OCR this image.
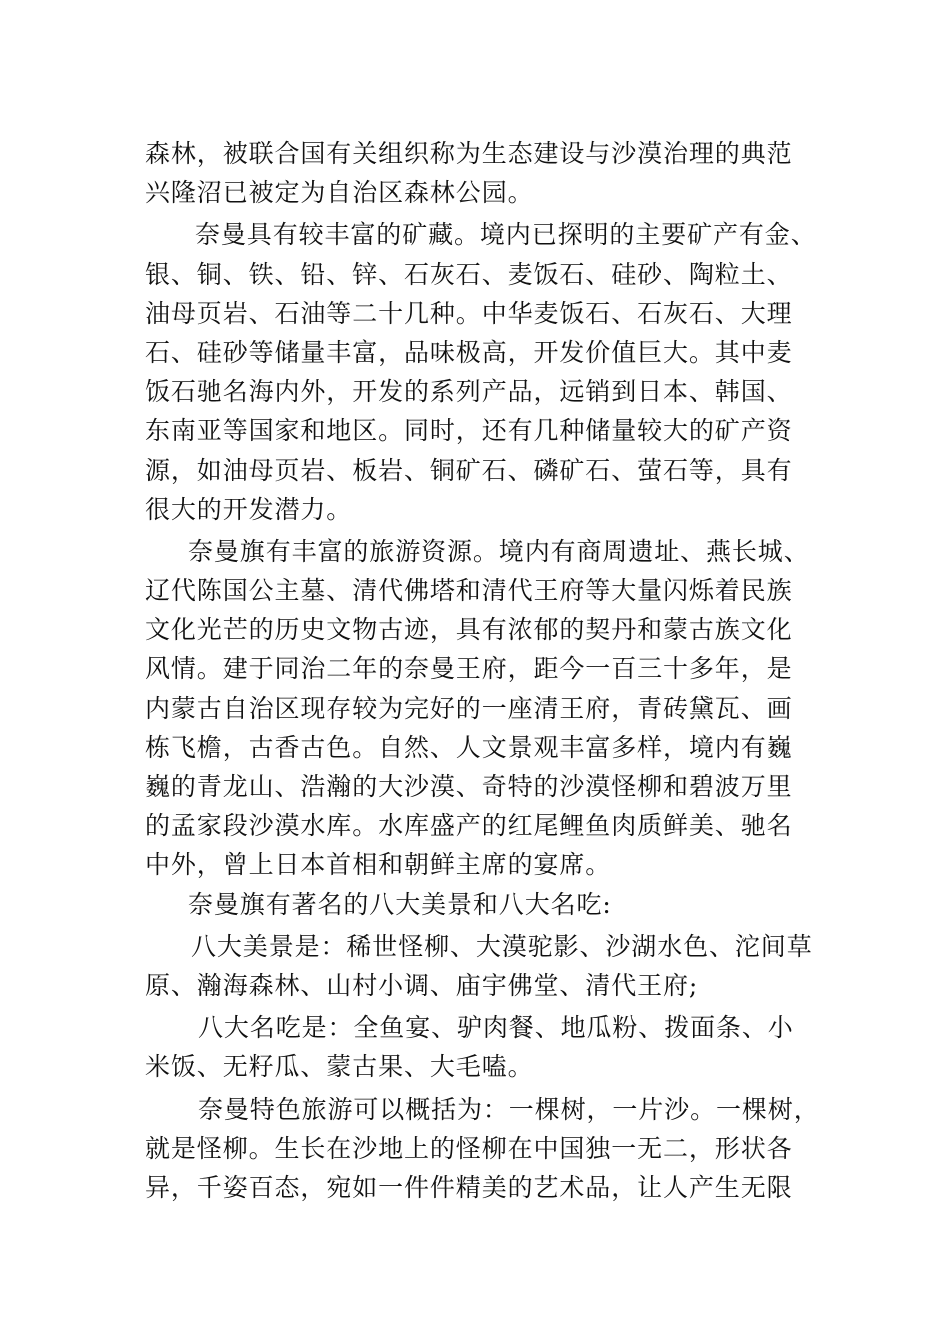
森林，被联合国有关组织称为生态建设与沙漠治理的典范
兴隆沼已被定为自治区森林公园。
奈曼具有较丰富的矿藏。境内已探明的主要矿产有金、
银、铜、铁、铅、锌、石灰石、麦饭石、硅砂、陶粒土、
油母页岩、石油等二十几种。中华麦饭石、石灰石、大理
石、硅砂等储量丰富，品味极高，开发价值巨大。其中麦
饭石驰名海内外，开发的系列产品，远销到日本、韩国、
东南亚等国家和地区。同时，还有几种储量较大的矿产资
源，如油母页岩、板岩、铜矿石、磷矿石、萤石等，具有
很大的开发潜力。
奈曼旗有丰富的旅游资源。境内有商周遗址、燕长城、
辽代陈国公主墓、清代佛塔和清代王府等大量闪烁着民族
文化光芒的历史文物古迹，具有浓郁的契丹和蒙古族文化
风情。建于同治二年的奈曼王府，距今一百三十多年，是
内蒙古自治区现存较为完好的一座清王府，青砖黛瓦、画
栋飞檐，古香古色。自然、人文景观丰富多样，境内有巍
巍的青龙山、浩瀚的大沙漠、奇特的沙漠怪柳和碧波万里
的孟家段沙漠水库。水库盛产的红尾鲤鱼肉质鲜美、驰名
中外，曾上日本首相和朝鲜主席的宴席。
奈曼旗有著名的八大美景和八大名吃:
八大美景是：稀世怪柳、大漠驼影、沙湖水色、沱间草
原、瀚海森林、山村小调、庙宇佛堂、清代王府;
八大名吃是：全鱼宴、驴肉餐、地瓜粉、拨面条、小
米饭、无籽瓜、蒙古果、大毛嗑。
奈曼特色旅游可以概括为：一棵树，一片沙。一棵树，
就是怪柳。生长在沙地上的怪柳在中国独一无二，形状各
异，千姿百态，宛如一件件精美的艺术品，让人产生无限
